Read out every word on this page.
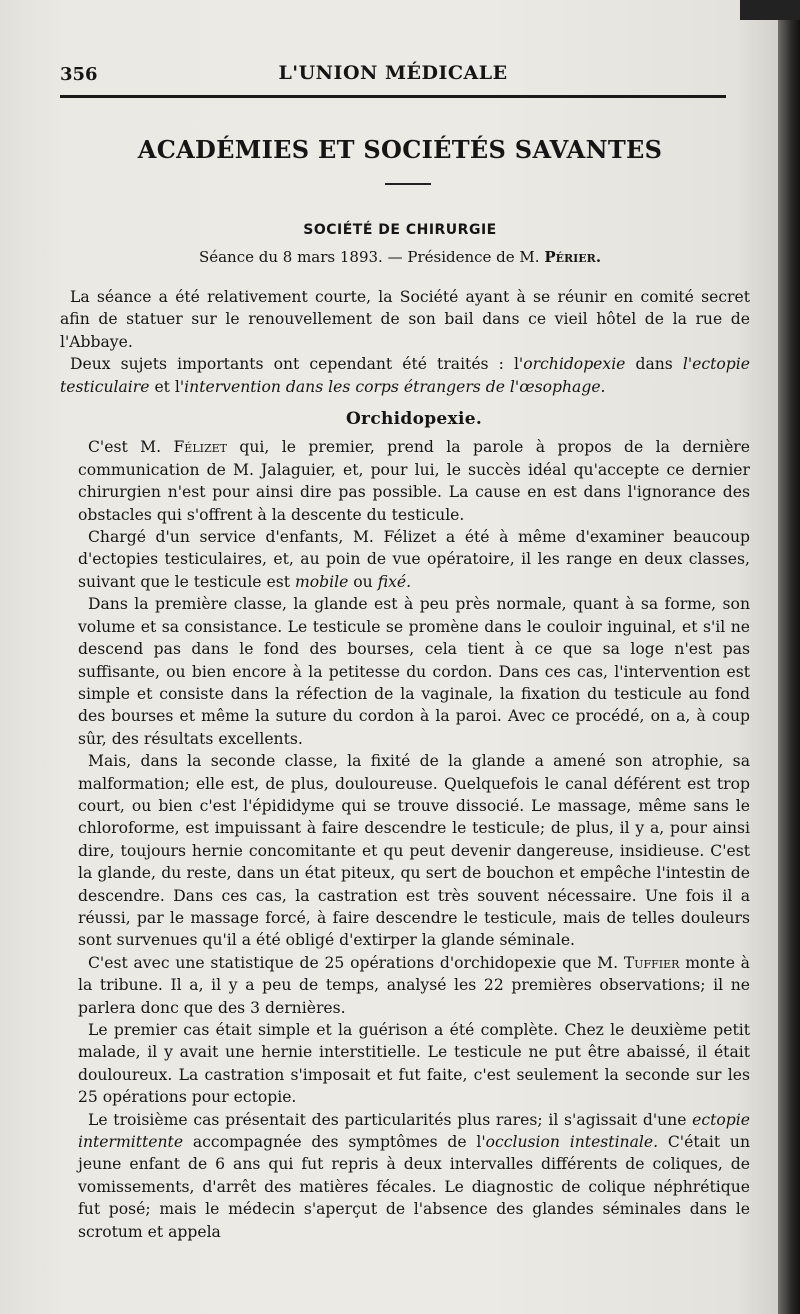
356	L'UNION MÉDICALE
ACADÉMIES ET SOCIÉTÉS SAVANTES
SOCIÉTÉ DE CHIRURGIE
Séance du 8 mars 1893. — Présidence de M. Périer.

La séance a été relativement courte, la Société ayant à se réunir en comité secret afin de statuer sur le renouvellement de son bail dans ce vieil hôtel de la rue de l'Abbaye.

Deux sujets importants ont cependant été traités : l'orchidopexie dans l'ectopie testiculaire et l'intervention dans les corps étrangers de l'œsophage.

Orchidopexie.

C'est M. Félizet qui, le premier, prend la parole à propos de la dernière communication de M. Jalaguier, et, pour lui, le succès idéal qu'accepte ce dernier chirurgien n'est pour ainsi dire pas possible. La cause en est dans l'ignorance des obstacles qui s'offrent à la descente du testicule.

Chargé d'un service d'enfants, M. Félizet a été à même d'examiner beaucoup d'ectopies testiculaires, et, au poin de vue opératoire, il les range en deux classes, suivant que le testicule est mobile ou fixé.

Dans la première classe, la glande est à peu près normale, quant à sa forme, son volume et sa consistance. Le testicule se promène dans le couloir inguinal, et s'il ne descend pas dans le fond des bourses, cela tient à ce que sa loge n'est pas suffisante, ou bien encore à la petitesse du cordon. Dans ces cas, l'intervention est simple et consiste dans la réfection de la vaginale, la fixation du testicule au fond des bourses et même la suture du cordon à la paroi. Avec ce procédé, on a, à coup sûr, des résultats excellents.

Mais, dans la seconde classe, la fixité de la glande a amené son atrophie, sa malformation; elle est, de plus, douloureuse. Quelquefois le canal déférent est trop court, ou bien c'est l'épididyme qui se trouve dissocié. Le massage, même sans le chloroforme, est impuissant à faire descendre le testicule; de plus, il y a, pour ainsi dire, toujours hernie concomitante et qu peut devenir dangereuse, insidieuse. C'est la glande, du reste, dans un état piteux, qu sert de bouchon et empêche l'intestin de descendre. Dans ces cas, la castration est très souvent nécessaire. Une fois il a réussi, par le massage forcé, à faire descendre le testicule, mais de telles douleurs sont survenues qu'il a été obligé d'extirper la glande séminale.

C'est avec une statistique de 25 opérations d'orchidopexie que M. Tuffier monte à la tribune. Il a, il y a peu de temps, analysé les 22 premières observations; il ne parlera donc que des 3 dernières.

Le premier cas était simple et la guérison a été complète. Chez le deuxième petit malade, il y avait une hernie interstitielle. Le testicule ne put être abaissé, il était douloureux. La castration s'imposait et fut faite, c'est seulement la seconde sur les 25 opérations pour ectopie.

Le troisième cas présentait des particularités plus rares; il s'agissait d'une ectopie intermittente accompagnée des symptômes de l'occlusion intestinale. C'était un jeune enfant de 6 ans qui fut repris à deux intervalles différents de coliques, de vomissements, d'arrêt des matières fécales. Le diagnostic de colique néphrétique fut posé; mais le médecin s'aperçut de l'absence des glandes séminales dans le scrotum et appela
